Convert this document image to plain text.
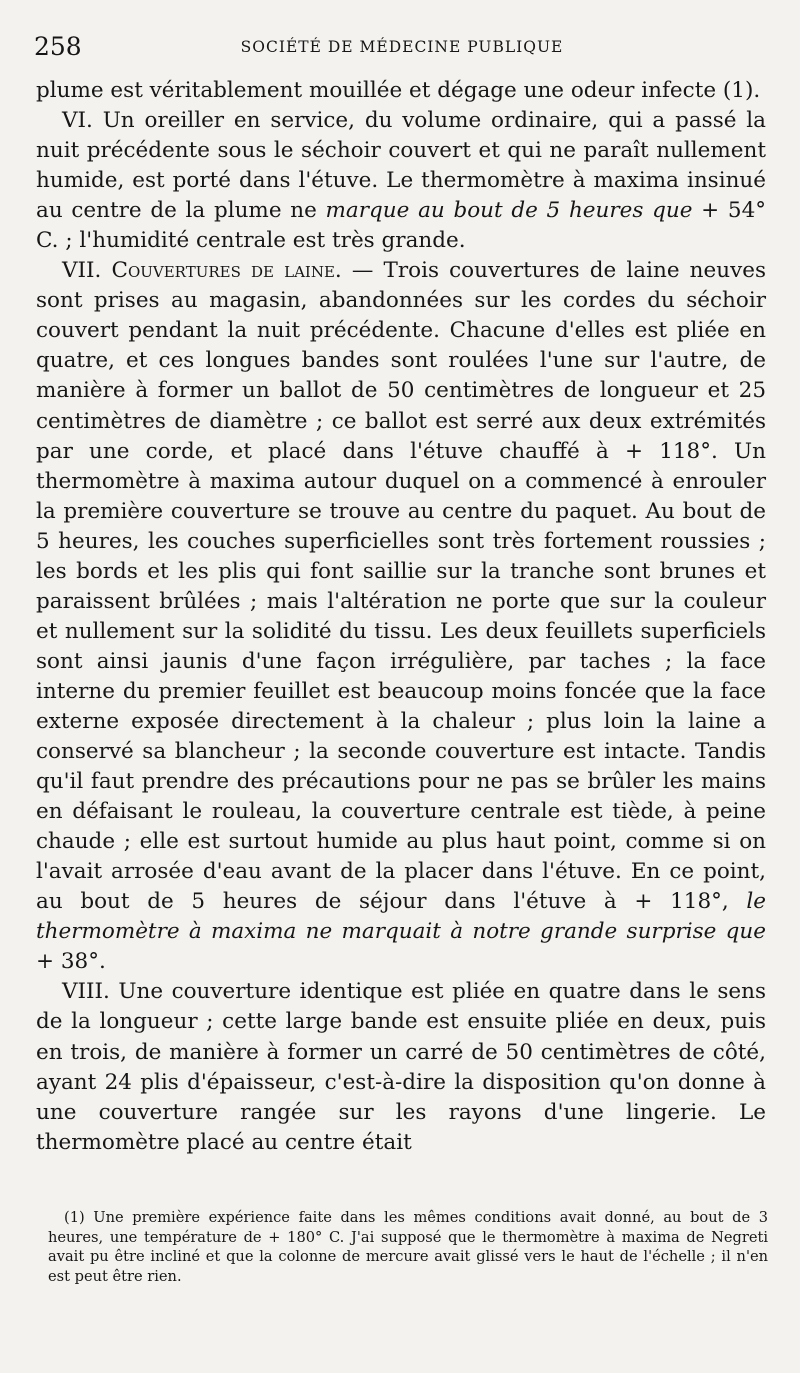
258	SOCIÉTÉ DE MÉDECINE PUBLIQUE

plume est véritablement mouillée et dégage une odeur infecte (1).

VI. Un oreiller en service, du volume ordinaire, qui a passé la nuit précédente sous le séchoir couvert et qui ne paraît nullement humide, est porté dans l'étuve. Le thermomètre à maxima insinué au centre de la plume ne marque au bout de 5 heures que + 54° C. ; l'humidité centrale est très grande.

VII. Couvertures de laine. — Trois couvertures de laine neuves sont prises au magasin, abandonnées sur les cordes du séchoir couvert pendant la nuit précédente. Chacune d'elles est pliée en quatre, et ces longues bandes sont roulées l'une sur l'autre, de manière à former un ballot de 50 centimètres de longueur et 25 centimètres de diamètre ; ce ballot est serré aux deux extrémités par une corde, et placé dans l'étuve chauffé à + 118°. Un thermomètre à maxima autour duquel on a commencé à enrouler la première couverture se trouve au centre du paquet. Au bout de 5 heures, les couches superficielles sont très fortement roussies ; les bords et les plis qui font saillie sur la tranche sont brunes et paraissent brûlées ; mais l'altération ne porte que sur la couleur et nullement sur la solidité du tissu. Les deux feuillets superficiels sont ainsi jaunis d'une façon irrégulière, par taches ; la face interne du premier feuillet est beaucoup moins foncée que la face externe exposée directement à la chaleur ; plus loin la laine a conservé sa blancheur ; la seconde couverture est intacte. Tandis qu'il faut prendre des précautions pour ne pas se brûler les mains en défaisant le rouleau, la couverture centrale est tiède, à peine chaude ; elle est surtout humide au plus haut point, comme si on l'avait arrosée d'eau avant de la placer dans l'étuve. En ce point, au bout de 5 heures de séjour dans l'étuve à + 118°, le thermomètre à maxima ne marquait à notre grande surprise que + 38°.

VIII. Une couverture identique est pliée en quatre dans le sens de la longueur ; cette large bande est ensuite pliée en deux, puis en trois, de manière à former un carré de 50 centimètres de côté, ayant 24 plis d'épaisseur, c'est-à-dire la disposition qu'on donne à une couverture rangée sur les rayons d'une lingerie. Le thermomètre placé au centre était

(1) Une première expérience faite dans les mêmes conditions avait donné, au bout de 3 heures, une température de + 180° C. J'ai supposé que le thermomètre à maxima de Negreti avait pu être incliné et que la colonne de mercure avait glissé vers le haut de l'échelle ; il n'en est peut être rien.
